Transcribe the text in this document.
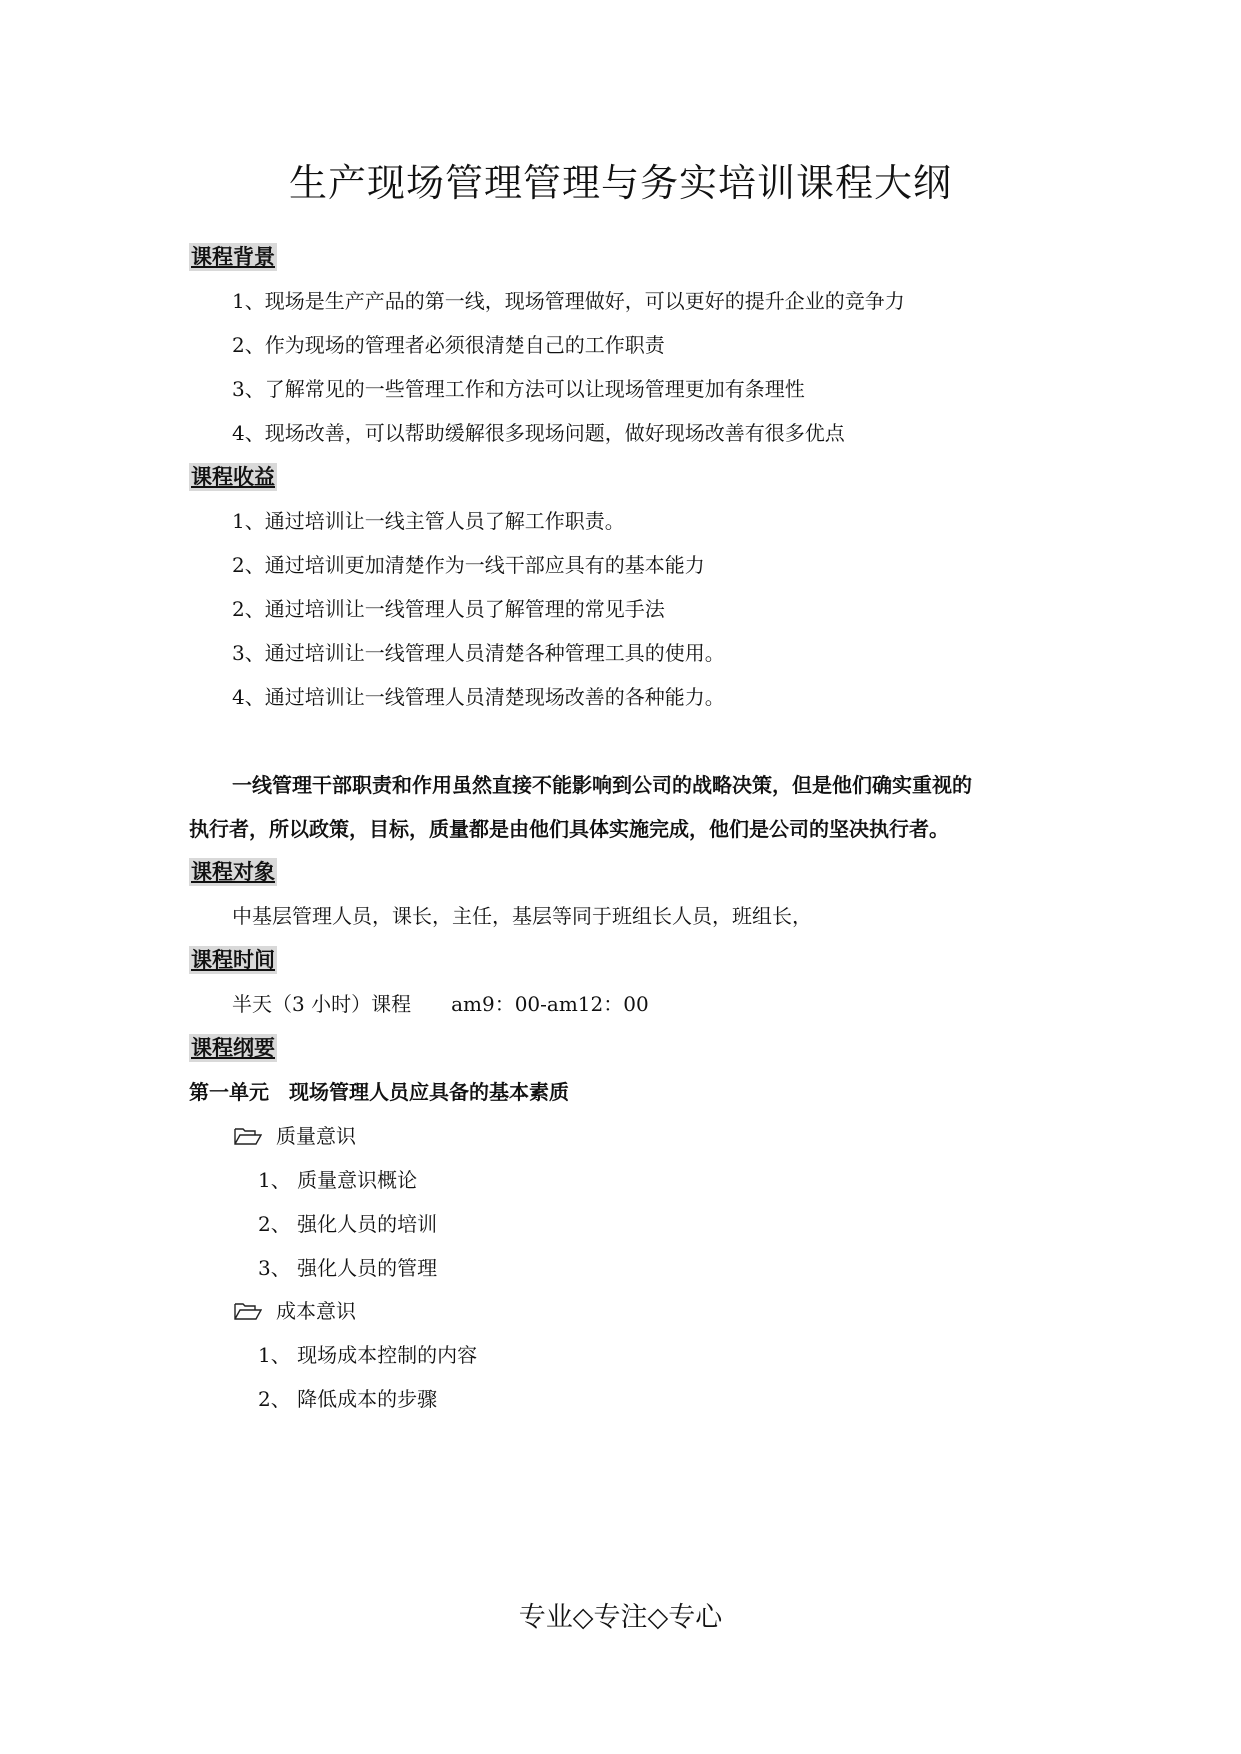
生产现场管理管理与务实培训课程大纲
课程背景
1、现场是生产产品的第一线，现场管理做好，可以更好的提升企业的竞争力
2、作为现场的管理者必须很清楚自己的工作职责
3、了解常见的一些管理工作和方法可以让现场管理更加有条理性
4、现场改善，可以帮助缓解很多现场问题，做好现场改善有很多优点
课程收益
1、通过培训让一线主管人员了解工作职责。
2、通过培训更加清楚作为一线干部应具有的基本能力
2、通过培训让一线管理人员了解管理的常见手法
3、通过培训让一线管理人员清楚各种管理工具的使用。
4、通过培训让一线管理人员清楚现场改善的各种能力。
一线管理干部职责和作用虽然直接不能影响到公司的战略决策，但是他们确实重视的
执行者，所以政策，目标，质量都是由他们具体实施完成，他们是公司的坚决执行者。
课程对象
中基层管理人员，课长，主任，基层等同于班组长人员，班组长，
课程时间
半天（3 小时）课程　　am9：00-am12：00
课程纲要
第一单元　现场管理人员应具备的基本素质
质量意识
1、 质量意识概论
2、 强化人员的培训
3、 强化人员的管理
成本意识
1、 现场成本控制的内容
2、 降低成本的步骤
专业◇专注◇专心
